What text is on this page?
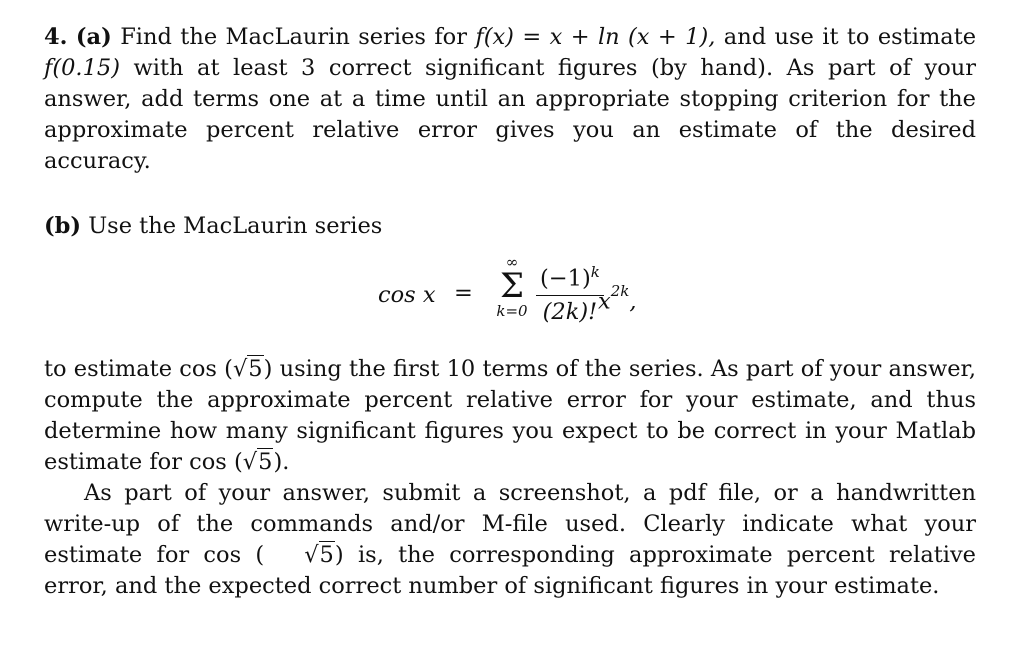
4. (a) Find the MacLaurin series for f(x) = x + ln (x + 1), and use it to estimate f(0.15) with at least 3 correct significant figures (by hand). As part of your answer, add terms one at a time until an appropriate stopping criterion for the approximate percent relative error gives you an estimate of the desired accuracy.

(b) Use the MacLaurin series

cos x =
∞
Σ
$k=0 \frac{(-1)^k}{(2k)!}$
$x^{2k}$,

to estimate cos (√5) using the first 10 terms of the series. As part of your answer, compute the approximate percent relative error for your estimate, and thus determine how many significant figures you expect to be correct in your Matlab estimate for cos (√5).

As part of your answer, submit a screenshot, a pdf file, or a handwritten write-up of the commands and/or M-file used. Clearly indicate what your estimate for cos ( √5) is, the corresponding approximate percent relative error, and the expected correct number of significant figures in your estimate.
